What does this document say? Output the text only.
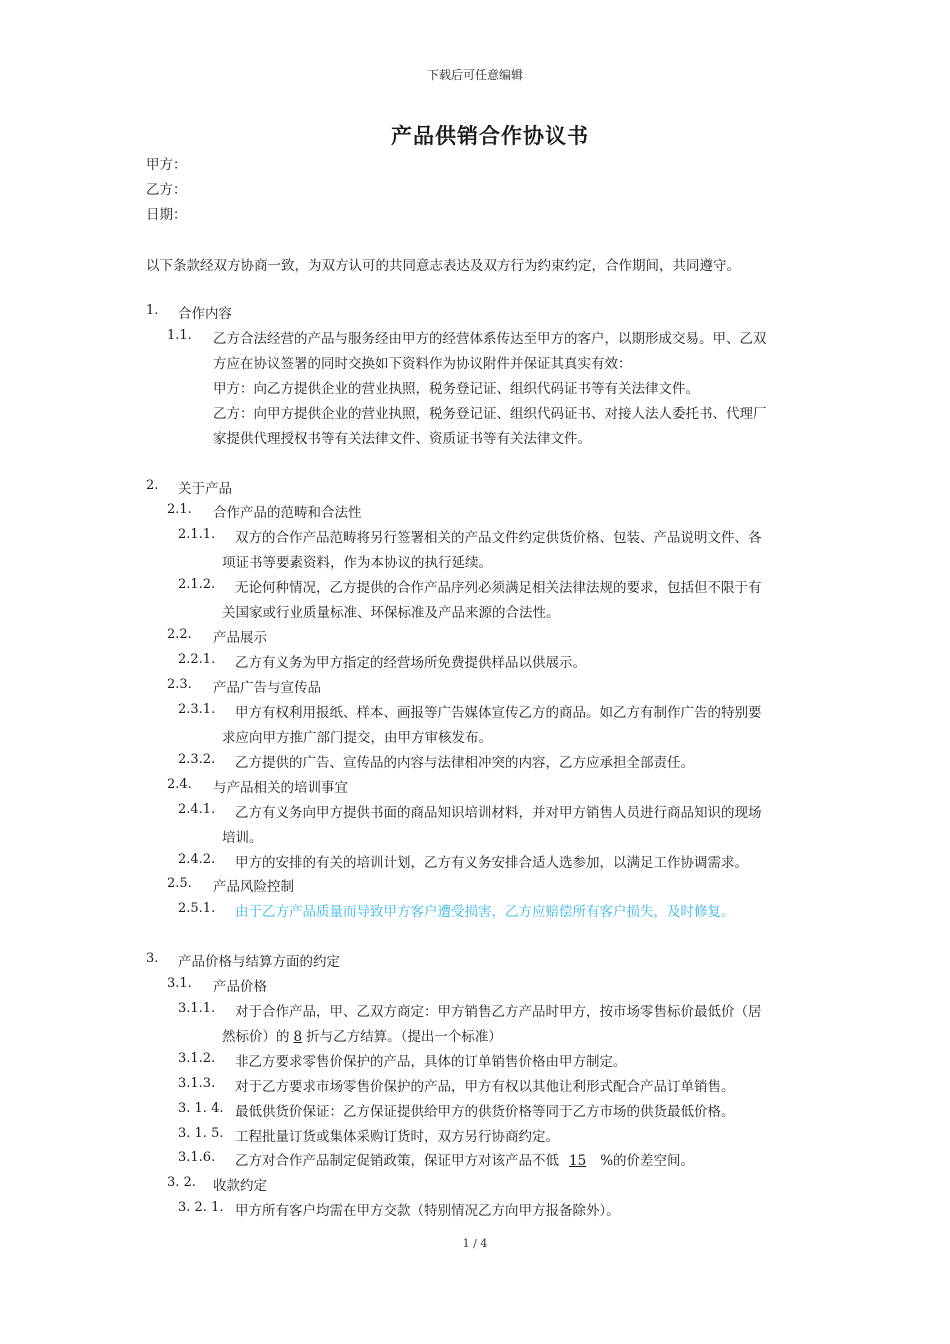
下载后可任意编辑
产品供销合作协议书
甲方：
乙方：
日期：
以下条款经双方协商一致，为双方认可的共同意志表达及双方行为约束约定，合作期间，共同遵守。
1. 合作内容
1.1. 乙方合法经营的产品与服务经由甲方的经营体系传达至甲方的客户，以期形成交易。甲、乙双
方应在协议签署的同时交换如下资料作为协议附件并保证其真实有效：
甲方：向乙方提供企业的营业执照，税务登记证、组织代码证书等有关法律文件。
乙方：向甲方提供企业的营业执照，税务登记证、组织代码证书、对接人法人委托书、代理厂
家提供代理授权书等有关法律文件、资质证书等有关法律文件。
2. 关于产品
2.1. 合作产品的范畴和合法性
2.1.1. 双方的合作产品范畴将另行签署相关的产品文件约定供货价格、包装、产品说明文件、各
项证书等要素资料，作为本协议的执行延续。
2.1.2. 无论何种情况，乙方提供的合作产品序列必须满足相关法律法规的要求，包括但不限于有
关国家或行业质量标准、环保标准及产品来源的合法性。
2.2. 产品展示
2.2.1. 乙方有义务为甲方指定的经营场所免费提供样品以供展示。
2.3. 产品广告与宣传品
2.3.1. 甲方有权利用报纸、样本、画报等广告媒体宣传乙方的商品。如乙方有制作广告的特别要
求应向甲方推广部门提交，由甲方审核发布。
2.3.2. 乙方提供的广告、宣传品的内容与法律相冲突的内容，乙方应承担全部责任。
2.4. 与产品相关的培训事宜
2.4.1. 乙方有义务向甲方提供书面的商品知识培训材料，并对甲方销售人员进行商品知识的现场
培训。
2.4.2. 甲方的安排的有关的培训计划，乙方有义务安排合适人选参加，以满足工作协调需求。
2.5. 产品风险控制
2.5.1. 由于乙方产品质量而导致甲方客户遭受损害，乙方应赔偿所有客户损失，及时修复。
3. 产品价格与结算方面的约定
3.1. 产品价格
3.1.1. 对于合作产品，甲、乙双方商定：甲方销售乙方产品时甲方，按市场零售标价最低价（居
然标价）的 8 折与乙方结算。（提出一个标准）
3.1.2. 非乙方要求零售价保护的产品，具体的订单销售价格由甲方制定。
3.1.3. 对于乙方要求市场零售价保护的产品，甲方有权以其他让利形式配合产品订单销售。
3. 1. 4. 最低供货价保证：乙方保证提供给甲方的供货价格等同于乙方市场的供货最低价格。
3. 1. 5. 工程批量订货或集体采购订货时，双方另行协商约定。
3.1.6. 乙方对合作产品制定促销政策，保证甲方对该产品不低 15 %的价差空间。
3. 2. 收款约定
3. 2. 1. 甲方所有客户均需在甲方交款（特别情况乙方向甲方报备除外）。
1 / 4
